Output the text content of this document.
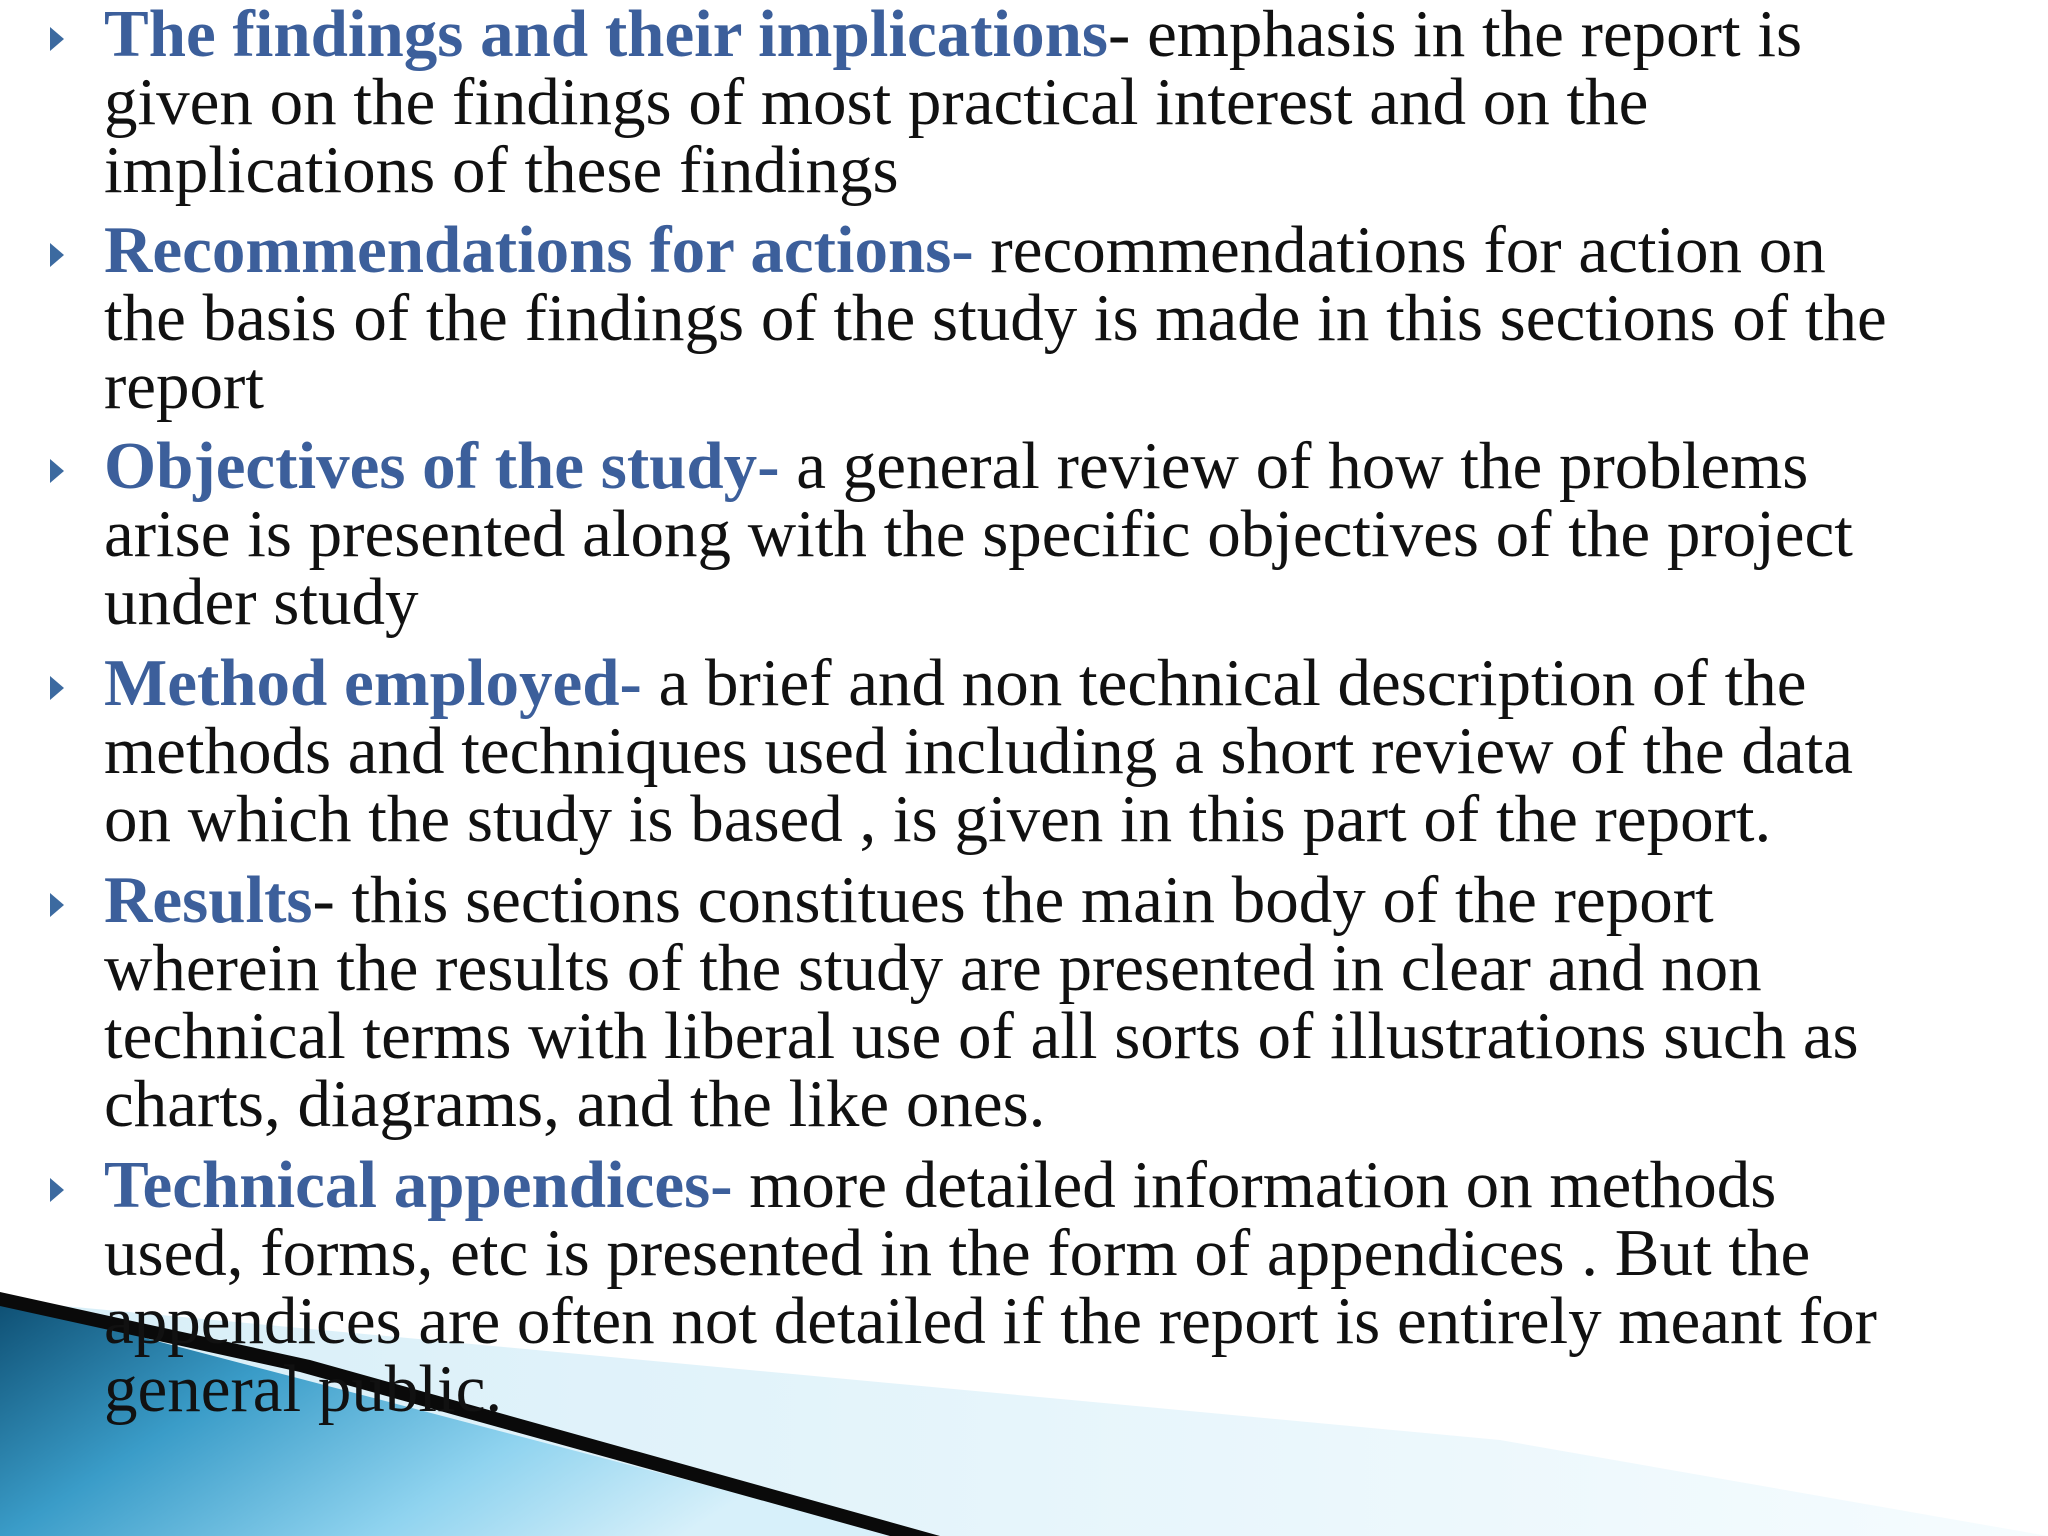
The findings and their implications- emphasis in the report is
given on the findings of most practical interest and on the
implications of these findings
Recommendations for actions- recommendations for action on
the basis of the findings of the study is made in this sections of the
report
Objectives of the study- a general review of how the problems
arise is presented along with the specific objectives of the project
under study
Method employed- a brief and non technical description of the
methods and techniques used including a short review of the data
on which the study is based , is given in this part of the report.
Results- this sections constitues the main body of the report
wherein the results of the study are presented in clear and non
technical terms with liberal use of all sorts of illustrations such as
charts, diagrams, and the like ones.
Technical appendices- more detailed information on methods
used, forms, etc is presented in the form of appendices . But the
appendices are often not detailed if the report is entirely meant for
general public.
